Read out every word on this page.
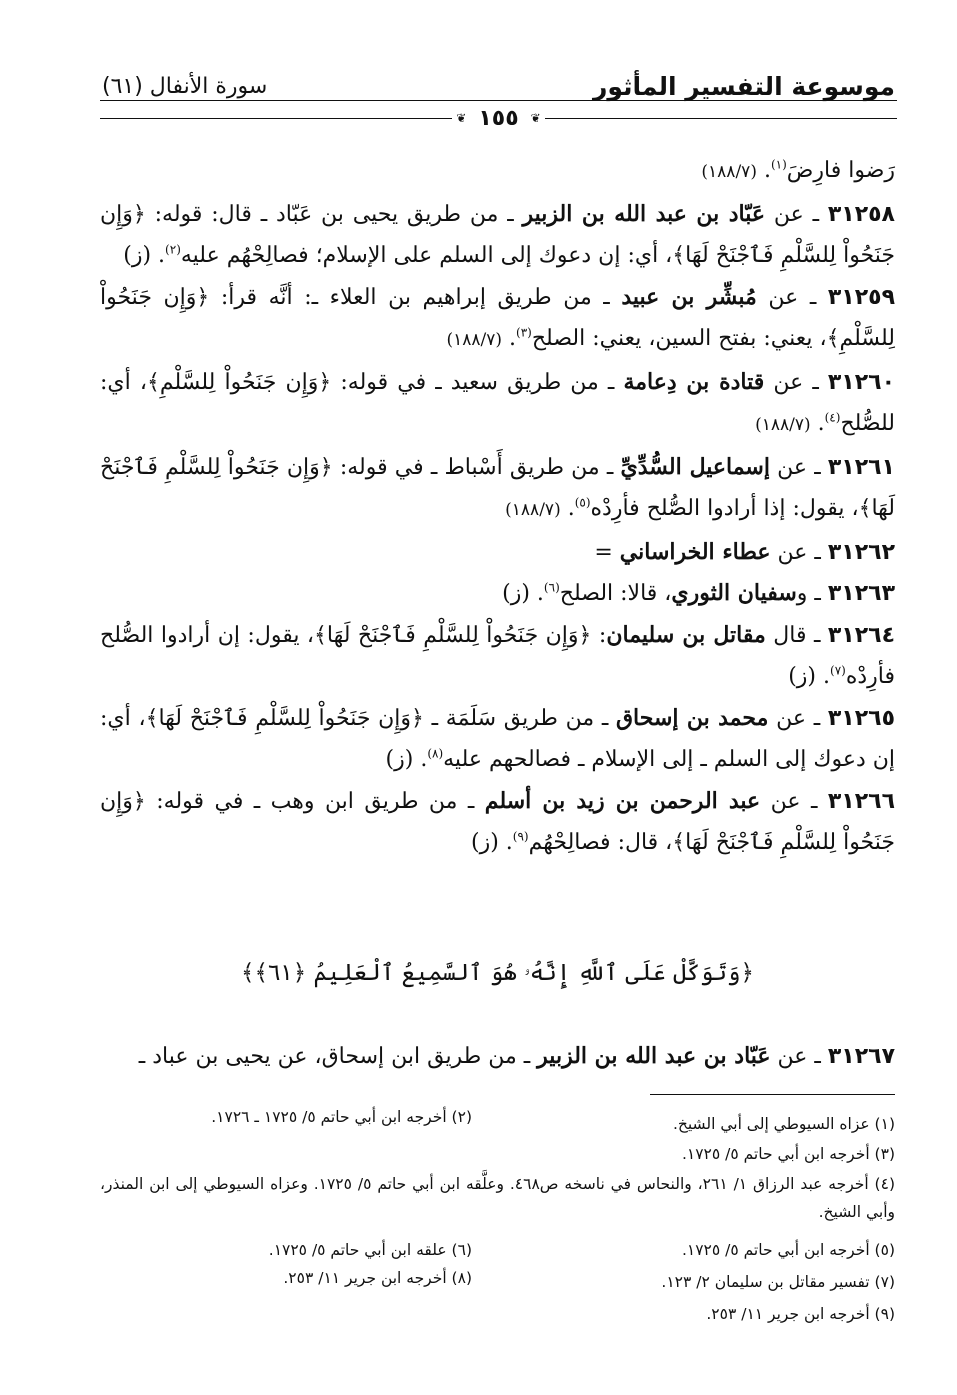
سورة الأنفال (٦١)	موسوعة التفسير المأثور
❦ ١٥٥	❦

رَضوا فارِضَ$^{(١)}$. (١٨٨/٧)

٣١٢٥٨ ـ عن عَبّاد بن عبد الله بن الزبير ـ من طريق يحيى بن عَبّاد ـ قال: قوله: ﴿وَإِن جَنَحُواْ لِلسَّلْمِ فَٱجْنَحْ لَهَا﴾، أي: إن دعوك إلى السلم على الإسلام؛ فصالِحْهُم عليه$^{(٢)}$. (ز)

٣١٢٥٩ ـ عن مُبشِّر بن عبيد ـ من طريق إبراهيم بن العلاء ـ: أنَّه قرأ: ﴿وَإِن جَنَحُواْ لِلسَّلْمِ﴾، يعني: بفتح السين، يعني: الصلح$^{(٣)}$. (١٨٨/٧)

٣١٢٦٠ ـ عن قتادة بن دِعامة ـ من طريق سعيد ـ في قوله: ﴿وَإِن جَنَحُواْ لِلسَّلْمِ﴾، أي: للصُّلح$^{(٤)}$. (١٨٨/٧)

٣١٢٦١ ـ عن إسماعيل السُّدِّيِّ ـ من طريق أَسْباط ـ في قوله: ﴿وَإِن جَنَحُواْ لِلسَّلْمِ فَٱجْنَحْ لَهَا﴾، يقول: إذا أرادوا الصُّلح فأرِدْه$^{(٥)}$. (١٨٨/٧)

٣١٢٦٢ ـ عن عطاء الخراساني =

٣١٢٦٣ ـ وسفيان الثوري، قالا: الصلح$^{(٦)}$. (ز)

٣١٢٦٤ ـ قال مقاتل بن سليمان: ﴿وَإِن جَنَحُواْ لِلسَّلْمِ فَٱجْنَحْ لَهَا﴾، يقول: إن أرادوا الصُّلح فأرِدْه$^{(٧)}$. (ز)

٣١٢٦٥ ـ عن محمد بن إسحاق ـ من طريق سَلَمَة ـ ﴿وَإِن جَنَحُواْ لِلسَّلْمِ فَٱجْنَحْ لَهَا﴾، أي: إن دعوك إلى السلم ـ إلى الإسلام ـ فصالحهم عليه$^{(٨)}$. (ز)

٣١٢٦٦ ـ عن عبد الرحمن بن زيد بن أسلم ـ من طريق ابن وهب ـ في قوله: ﴿وَإِن جَنَحُواْ لِلسَّلْمِ فَٱجْنَحْ لَهَا﴾، قال: فصالِحْهُم$^{(٩)}$. (ز)

﴿وَتَوَكَّلْ عَلَى ٱللَّهِ إِنَّهُۥ هُوَ ٱلسَّمِيعُ ٱلْعَلِيمُ ﴿٦١﴾﴾
٣١٢٦٧ ـ عن عَبّاد بن عبد الله بن الزبير ـ من طريق ابن إسحاق، عن يحيى بن عباد ـ
(١) عزاه السيوطي إلى أبي الشيخ.
(٢) أخرجه ابن أبي حاتم ٥/ ١٧٢٥ ـ ١٧٢٦.
(٣) أخرجه ابن أبي حاتم ٥/ ١٧٢٥.
(٤) أخرجه عبد الرزاق ١/ ٢٦١، والنحاس في ناسخه ص٤٦٨. وعلَّقه ابن أبي حاتم ٥/ ١٧٢٥. وعزاه السيوطي إلى ابن المنذر، وأبي الشيخ.
(٥) أخرجه ابن أبي حاتم ٥/ ١٧٢٥.
(٦) علقه ابن أبي حاتم ٥/ ١٧٢٥.
(٧) تفسير مقاتل بن سليمان ٢/ ١٢٣.
(٨) أخرجه ابن جرير ١١/ ٢٥٣.
(٩) أخرجه ابن جرير ١١/ ٢٥٣.
